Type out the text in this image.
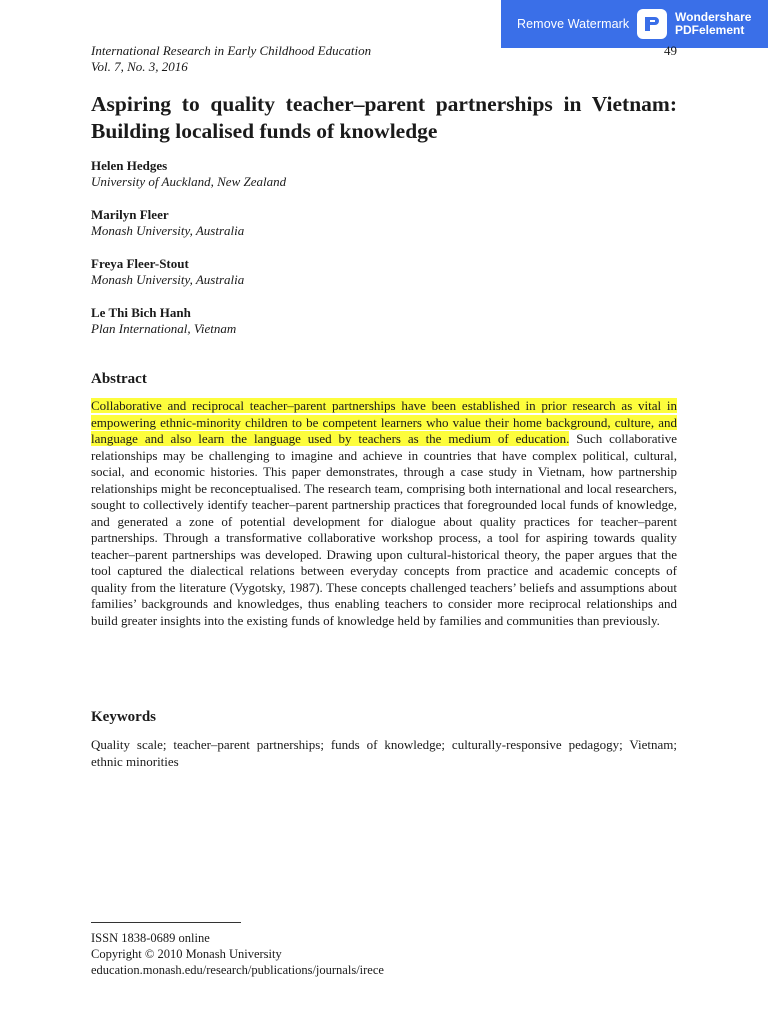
Remove Watermark	Wondershare
PDFelement
International Research in Early Childhood Education
Vol. 7, No. 3, 2016
49
Aspiring to quality teacher–parent partnerships in Vietnam: Building localised funds of knowledge
Helen Hedges
University of Auckland, New Zealand
Marilyn Fleer
Monash University, Australia
Freya Fleer-Stout
Monash University, Australia
Le Thi Bich Hanh
Plan International, Vietnam
Abstract

Collaborative and reciprocal teacher–parent partnerships have been established in prior research as vital in empowering ethnic-minority children to be competent learners who value their home background, culture, and language and also learn the language used by teachers as the medium of education. Such collaborative relationships may be challenging to imagine and achieve in countries that have complex political, cultural, social, and economic histories. This paper demonstrates, through a case study in Vietnam, how partnership relationships might be reconceptualised. The research team, comprising both international and local researchers, sought to collectively identify teacher–parent partnership practices that foregrounded local funds of knowledge, and generated a zone of potential development for dialogue about quality practices for teacher–parent partnerships. Through a transformative collaborative workshop process, a tool for aspiring towards quality teacher–parent partnerships was developed. Drawing upon cultural-historical theory, the paper argues that the tool captured the dialectical relations between everyday concepts from practice and academic concepts of quality from the literature (Vygotsky, 1987). These concepts challenged teachers’ beliefs and assumptions about families’ backgrounds and knowledges, thus enabling teachers to consider more reciprocal relationships and build greater insights into the existing funds of knowledge held by families and communities than previously.

Keywords

Quality scale; teacher–parent partnerships; funds of knowledge; culturally-responsive pedagogy; Vietnam; ethnic minorities

ISSN 1838-0689 online
Copyright © 2010 Monash University
education.monash.edu/research/publications/journals/irece
